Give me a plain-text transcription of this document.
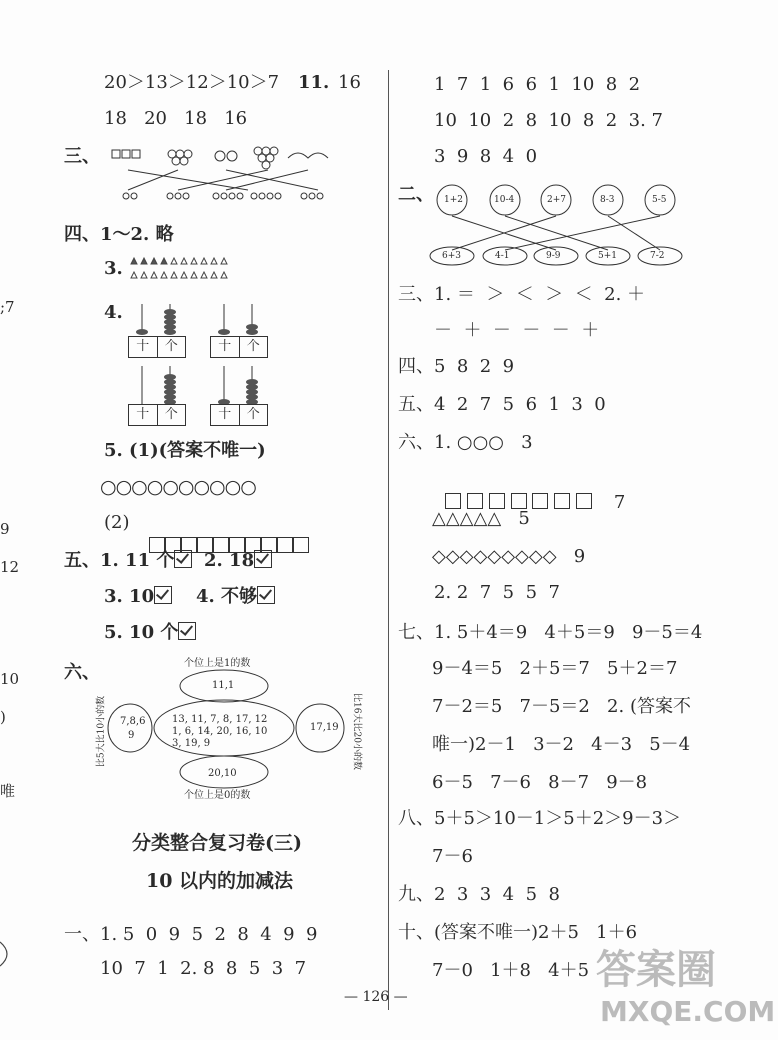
;7
9
12
10
)
唯
20＞13＞12＞10＞7 11. 16
18   20   18   16
三、
四、1～2. 略
3.
4.
十	个	十	个
十	个	十	个
5. (1)(答案不唯一)
○○○○○○○○○○
(2)

五、1. 11 个	2. 18
3. 10	4. 不够
5. 10 个
六、	个位上是1的数
11,1
13, 11, 7, 8, 17, 12
1, 6, 14, 20, 16, 10
3, 19, 9
7,8,6
9
17,19
20,10
个位上是0的数
比5大比10小的数	比16大比20小的数
分类整合复习卷(三)
10 以内的加减法
一、1. 5  0  9  5  2  8  4  9  9
10  7  1  2. 8  8  5  3  7
1  7  1  6  6  1  10  8  2
10  10  2  8  10  8  2  3. 7
3  9  8  4  0
二、 1+2	10-4	2+7	8-3	5-5
6+3	4-1	9-9	5+1	7-2
三、1. ＝  ＞  ＜  ＞  ＜  2. ＋
－  ＋  －  －  －  ＋
四、5  8  2  9
五、4  2  7  5  6  1  3  0
六、1. ○○○   3

7

△△△△△   5
◇◇◇◇◇◇◇◇◇   9
2. 2  7  5  5  7
七、1. 5＋4＝9   4＋5＝9   9－5＝4
9－4＝5   2＋5＝7   5＋2＝7
7－2＝5   7－5＝2   2. (答案不
唯一)2－1   3－2   4－3   5－4
6－5   7－6   8－7   9－8
八、5＋5＞10－1＞5＋2＞9－3＞
7－6
九、2  3  3  4  5  8
十、(答案不唯一)2＋5   1＋6
7－0   1＋8   4＋5
— 126 —
答案圈
MXQE.COM
